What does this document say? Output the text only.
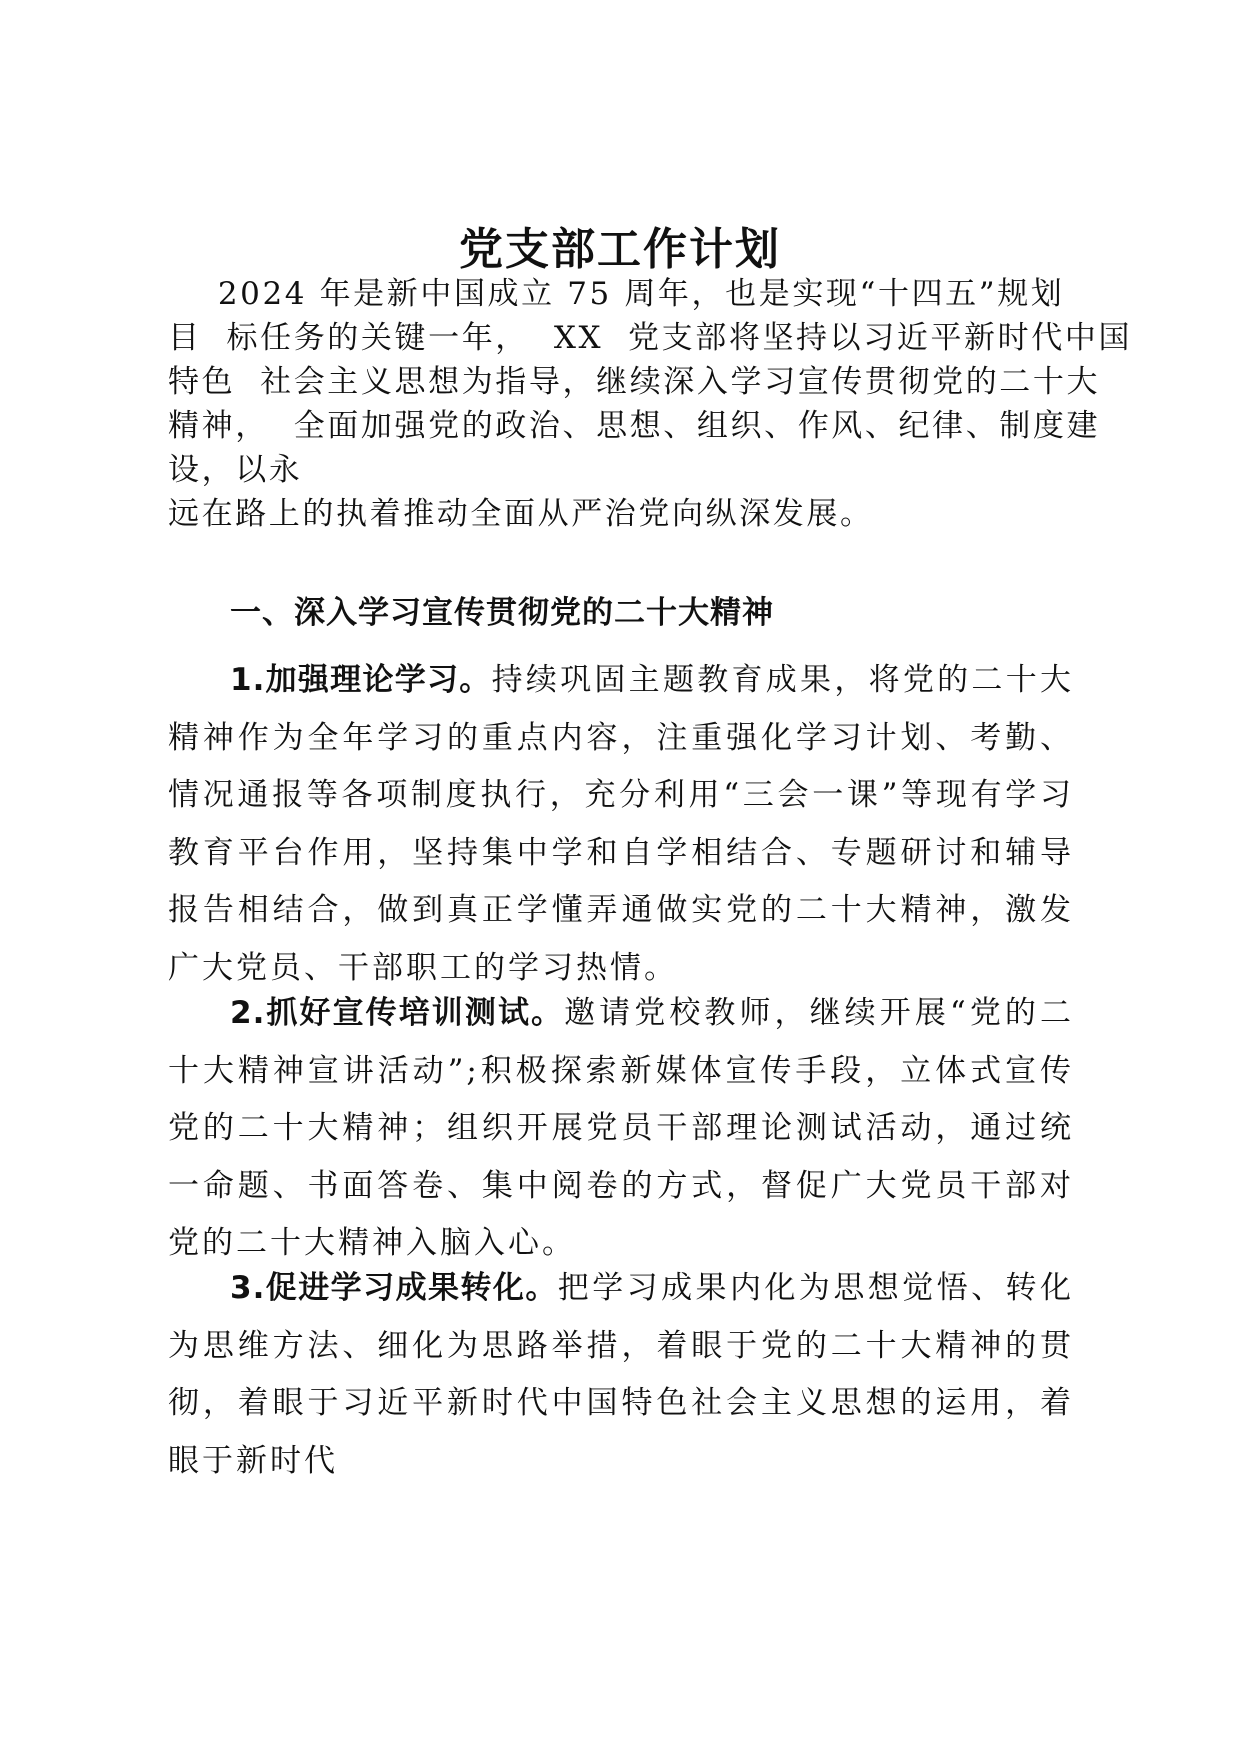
党支部工作计划
2024 年是新中国成立 75 周年，也是实现“十四五”规划
目  标任务的关键一年，  XX  党支部将坚持以习近平新时代中国
特色  社会主义思想为指导，继续深入学习宣传贯彻党的二十大
精神，  全面加强党的政治、思想、组织、作风、纪律、制度建
设，以永
远在路上的执着推动全面从严治党向纵深发展。
一、深入学习宣传贯彻党的二十大精神

1.加强理论学习。持续巩固主题教育成果，将党的二十大精神作为全年学习的重点内容，注重强化学习计划、考勤、情况通报等各项制度执行，充分利用“三会一课”等现有学习教育平台作用，坚持集中学和自学相结合、专题研讨和辅导报告相结合，做到真正学懂弄通做实党的二十大精神，激发广大党员、干部职工的学习热情。

2.抓好宣传培训测试。邀请党校教师，继续开展“党的二十大精神宣讲活动”;积极探索新媒体宣传手段，立体式宣传党的二十大精神；组织开展党员干部理论测试活动，通过统一命题、书面答卷、集中阅卷的方式，督促广大党员干部对党的二十大精神入脑入心。

3.促进学习成果转化。把学习成果内化为思想觉悟、转化为思维方法、细化为思路举措，着眼于党的二十大精神的贯彻，着眼于习近平新时代中国特色社会主义思想的运用，着眼于新时代
